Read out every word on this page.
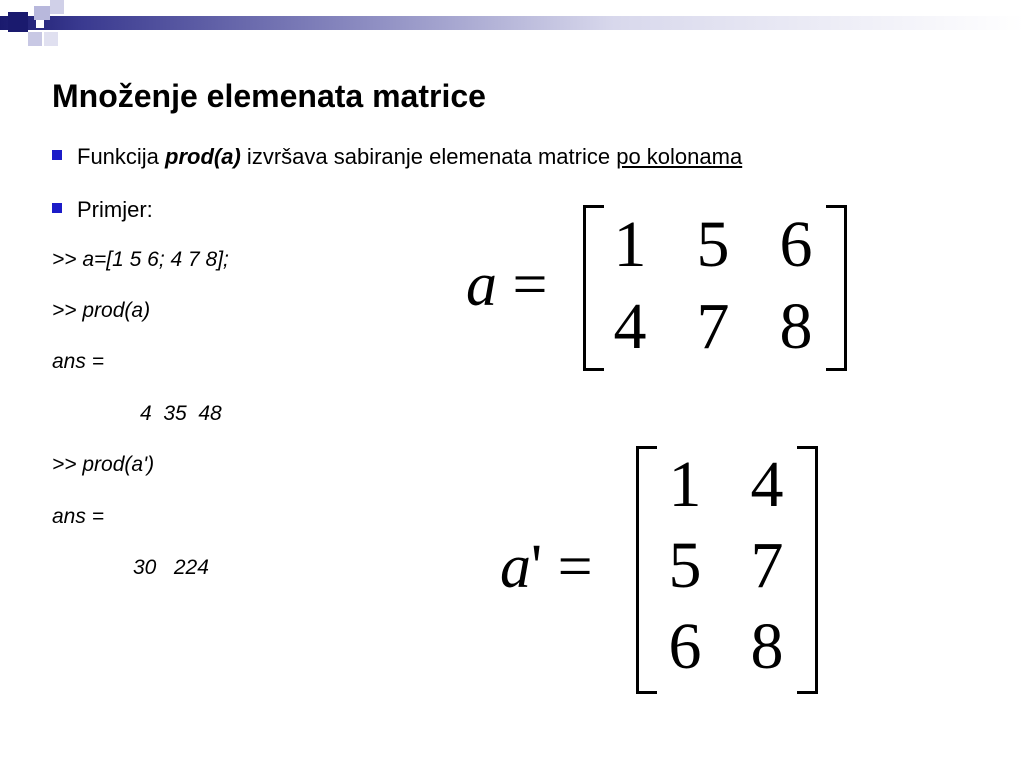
Množenje elemenata matrice
Funkcija prod(a) izvršava sabiranje elemenata matrice po kolonama
Primjer:
>> a=[1 5 6; 4 7 8];
>> prod(a)
ans =
4  35  48
>> prod(a')
ans =
30   224
a =
1 5 6
4 7 8
a' =
1 4
5 7
6 8
